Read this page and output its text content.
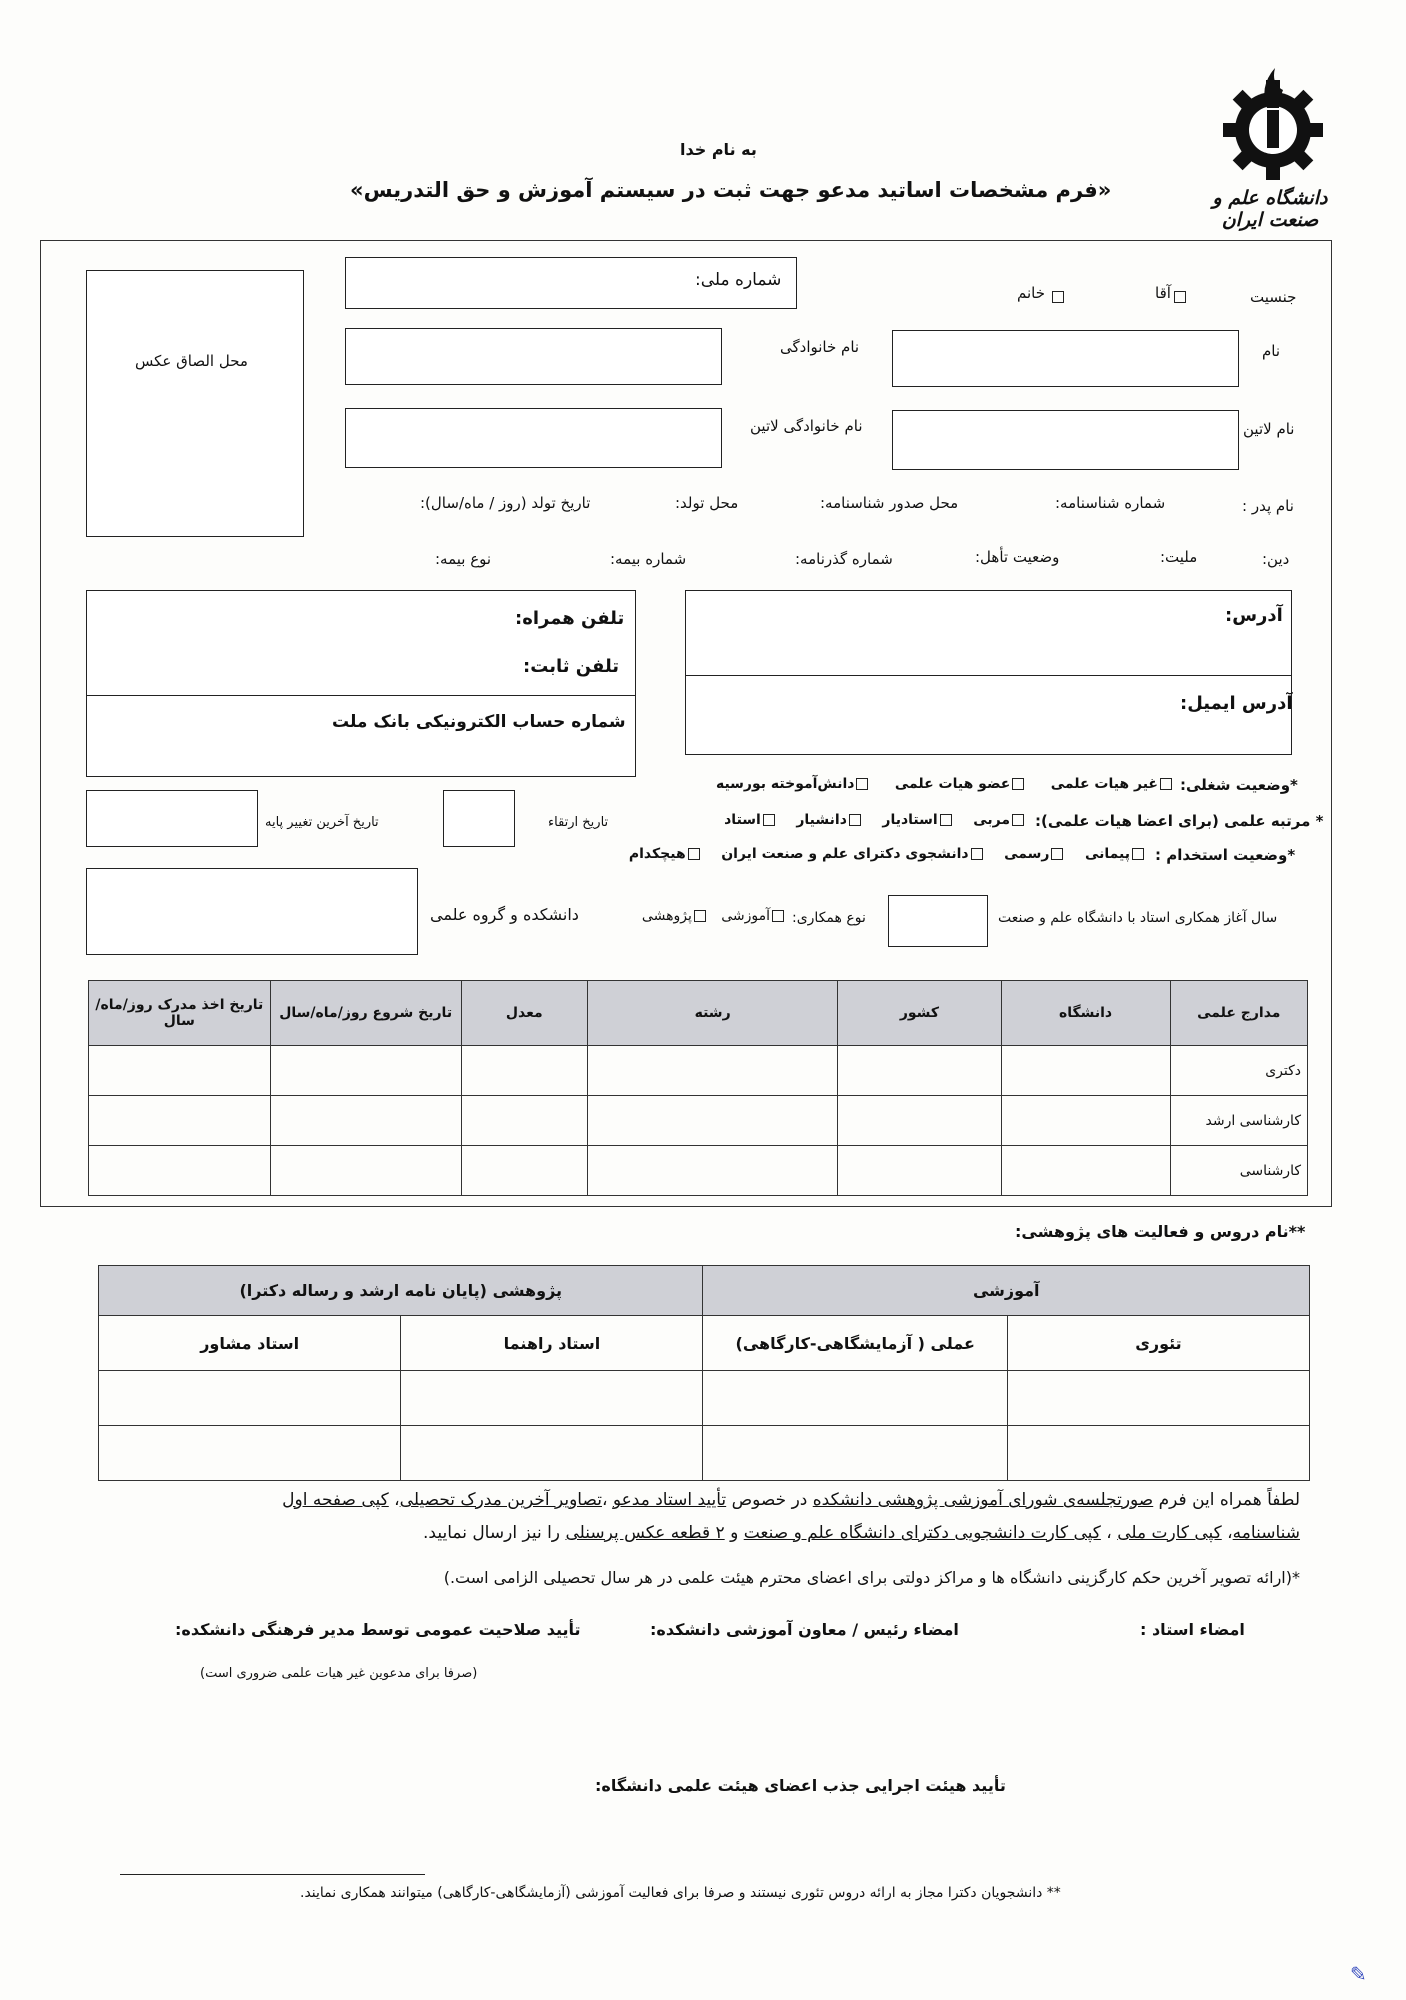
دانشگاه علم و صنعت ایران
به نام خدا
«فرم مشخصات اساتید مدعو جهت ثبت در سیستم آموزش و حق التدریس»
محل الصاق عکس
شماره ملی:
جنسیت
آقا
خانم
نام خانوادگی	نام
نام خانوادگی لاتین	نام لاتین
نام پدر :
شماره شناسنامه:
محل صدور شناسنامه:
محل تولد:
تاریخ تولد (روز / ماه/سال):
دین:
ملیت:
وضعیت تأهل:
شماره گذرنامه:
شماره بیمه:
نوع بیمه:
آدرس:
آدرس ایمیل:
تلفن همراه:
تلفن ثابت:
شماره حساب الکترونیکی بانک ملت
*وضعیت شغلی:
غیر هیات علمی     عضو هیات علمی     دانش‌آموخته بورسیه
* مرتبه علمی (برای اعضا هیات علمی):
مربی    استادیار    دانشیار    استاد
*وضعیت استخدام :
پیمانی    رسمی    دانشجوی دکترای علم و صنعت ایران    هیچکدام
تاریخ ارتقاء
تاریخ آخرین تغییر پایه
سال آغاز همکاری استاد با دانشگاه علم و صنعت
نوع همکاری:
آموزشی   پژوهشی
دانشکده و گروه علمی
مدارج علمی	دانشگاه	کشور	رشته	معدل	تاریخ شروع روز/ماه/سال	تاریخ اخذ مدرک روز/ماه/سال
دکتری						
کارشناسی ارشد						
کارشناسی						
**نام دروس و فعالیت های پژوهشی:
آموزشی		پژوهشی (پایان نامه ارشد و رساله دکترا)	
تئوری	عملی ( آزمایشگاهی-کارگاهی)	استاد راهنما	استاد مشاور

لطفاً همراه این فرم صورتجلسه‌ی شورای آموزشی پژوهشی دانشکده در خصوص تأیید استاد مدعو ،تصاویر آخرین مدرک تحصیلی، کپی صفحه اول
شناسنامه، کپی کارت ملی ، کپی کارت دانشجویی دکترای دانشگاه علم و صنعت و ۲ قطعه عکس پرسنلی را نیز ارسال نمایید.
*(ارائه تصویر آخرین حکم کارگزینی دانشگاه ها و مراکز دولتی برای اعضای محترم هیئت علمی در هر سال تحصیلی الزامی است.)
امضاء استاد :
امضاء رئیس / معاون آموزشی دانشکده:
تأیید صلاحیت عمومی توسط مدیر فرهنگی دانشکده:
(صرفا برای مدعوین غیر هیات علمی ضروری است)
تأیید هیئت اجرایی جذب اعضای هیئت علمی دانشگاه:
** دانشجویان دکترا مجاز به ارائه دروس تئوری نیستند و صرفا برای فعالیت آموزشی (آزمایشگاهی-کارگاهی) میتوانند همکاری نمایند.
✎
